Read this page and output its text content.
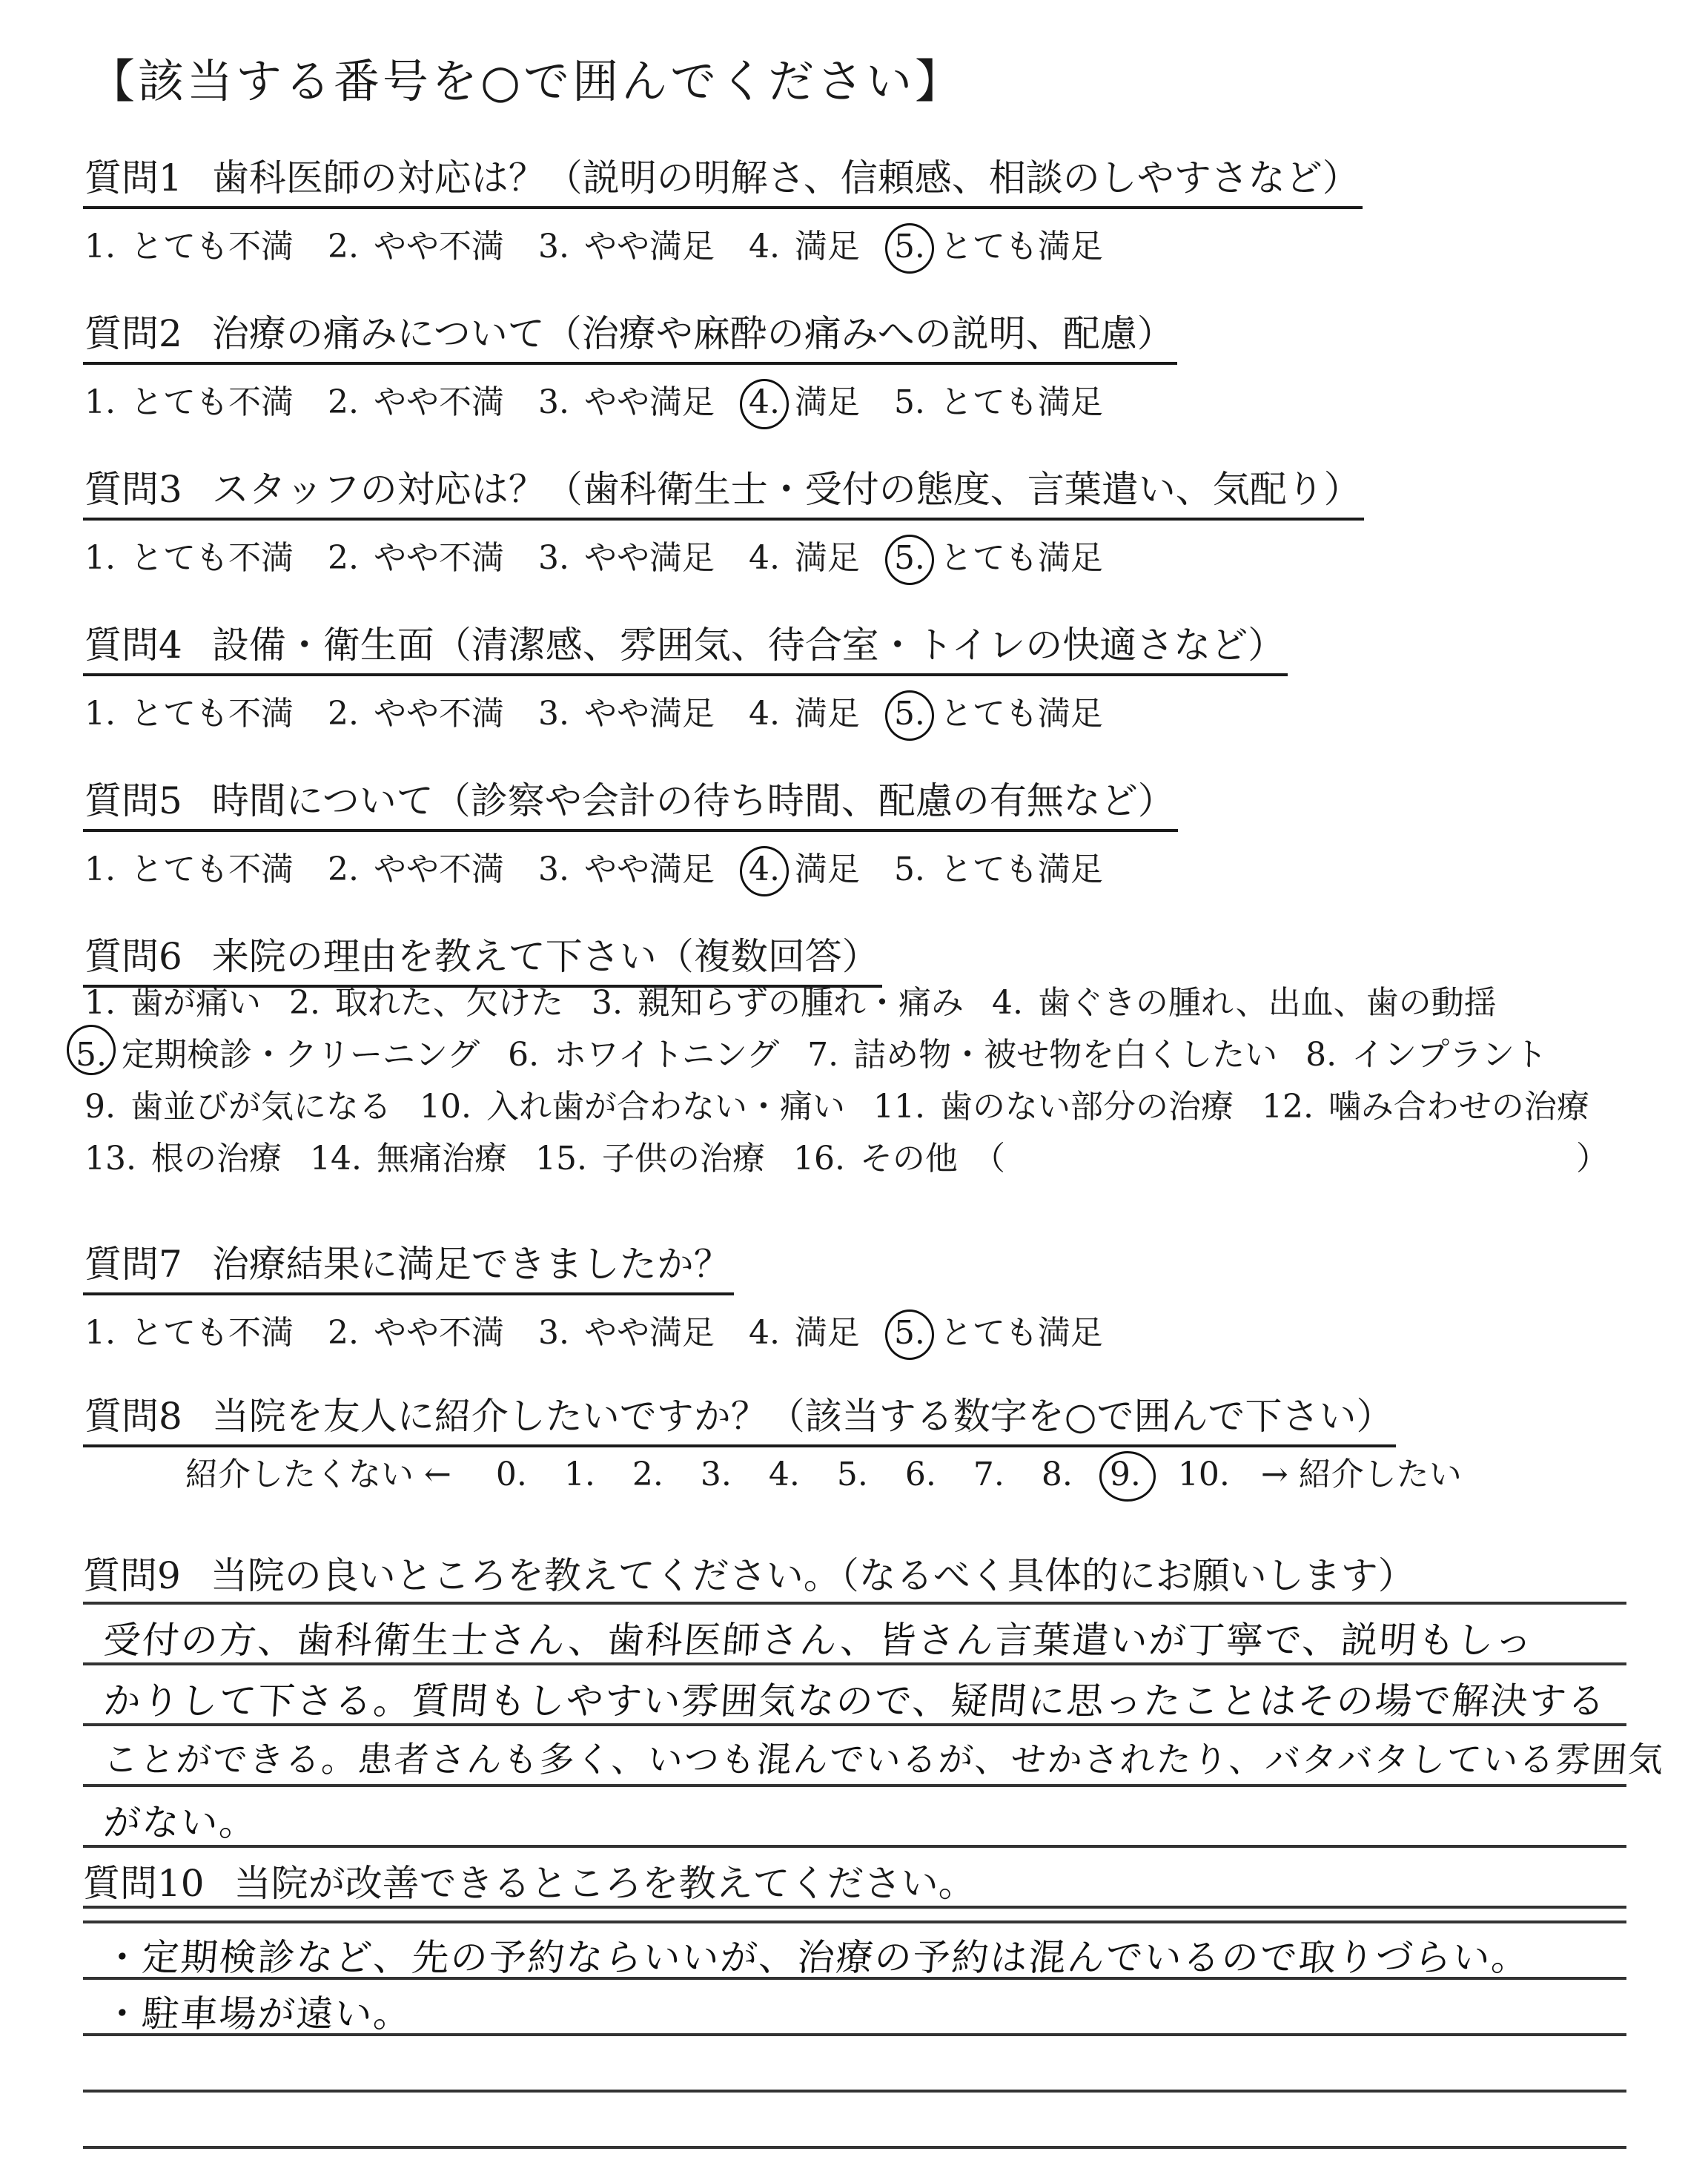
【該当する番号を○で囲んでください】
質問1 歯科医師の対応は？（説明の明解さ、信頼感、相談のしやすさなど）
1. とても不満 2. やや不満 3. やや満足 4. 満足 5. とても満足
質問2 治療の痛みについて（治療や麻酔の痛みへの説明、配慮）
1. とても不満 2. やや不満 3. やや満足 4. 満足 5. とても満足
質問3 スタッフの対応は？（歯科衛生士・受付の態度、言葉遣い、気配り）
1. とても不満 2. やや不満 3. やや満足 4. 満足 5. とても満足
質問4 設備・衛生面（清潔感、雰囲気、待合室・トイレの快適さなど）
1. とても不満 2. やや不満 3. やや満足 4. 満足 5. とても満足
質問5 時間について（診察や会計の待ち時間、配慮の有無など）
1. とても不満 2. やや不満 3. やや満足 4. 満足 5. とても満足
質問7 治療結果に満足できましたか？
1. とても不満 2. やや不満 3. やや満足 4. 満足 5. とても満足
質問6 来院の理由を教えて下さい（複数回答）
1. 歯が痛い 2. 取れた、欠けた 3. 親知らずの腫れ・痛み 4. 歯ぐきの腫れ、出血、歯の動揺
5. 定期検診・クリーニング 6. ホワイトニング 7. 詰め物・被せ物を白くしたい 8. インプラント
9. 歯並びが気になる 10. 入れ歯が合わない・痛い 11. 歯のない部分の治療 12. 噛み合わせの治療
13. 根の治療 14. 無痛治療 15. 子供の治療 16. その他 （	）
質問8 当院を友人に紹介したいですか？（該当する数字を○で囲んで下さい）
紹介したくない ← 0. 1. 2. 3. 4. 5. 6. 7. 8. 9. 10. → 紹介したい
質問9 当院の良いところを教えてください。（なるべく具体的にお願いします）
受付の方、歯科衛生士さん、歯科医師さん、皆さん言葉遣いが丁寧で、説明もしっ
かりして下さる。質問もしやすい雰囲気なので、疑問に思ったことはその場で解決する
ことができる。患者さんも多く、いつも混んでいるが、せかされたり、バタバタしている雰囲気
がない。
質問10 当院が改善できるところを教えてください。
・定期検診など、先の予約ならいいが、治療の予約は混んでいるので取りづらい。
・駐車場が遠い。
